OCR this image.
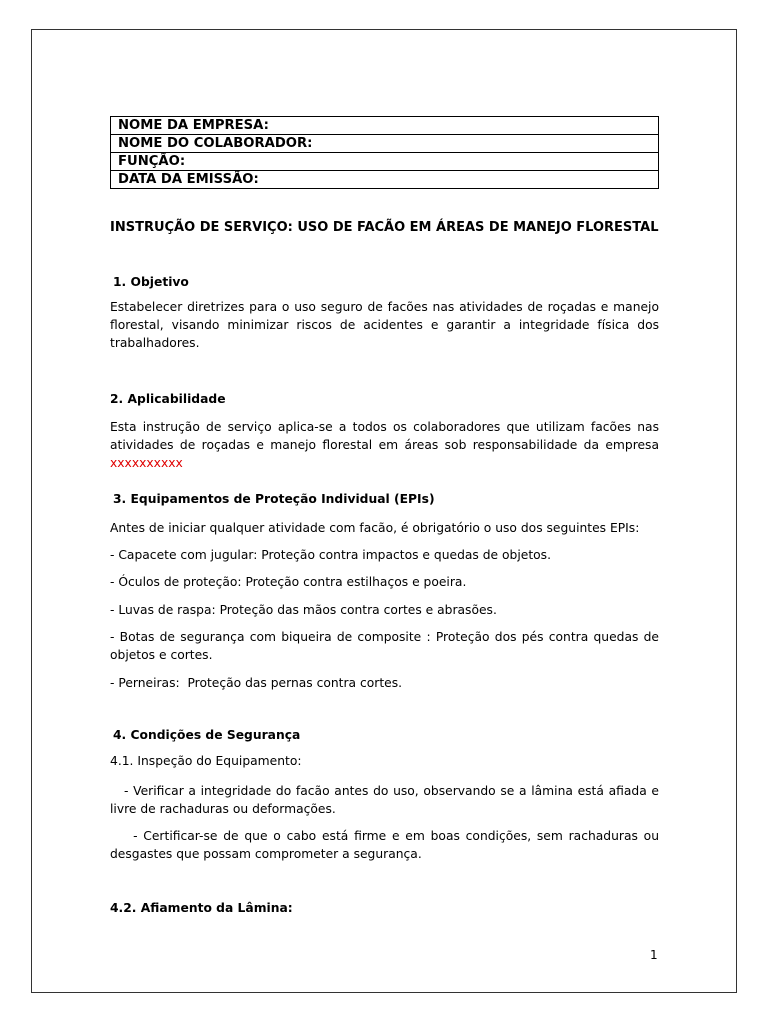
NOME DA EMPRESA:
NOME DO COLABORADOR:
FUNÇÃO:
DATA DA EMISSÃO:
INSTRUÇÃO DE SERVIÇO: USO DE FACÃO EM ÁREAS DE MANEJO FLORESTAL
1. Objetivo
Estabelecer diretrizes para o uso seguro de facões nas atividades de roçadas e manejo florestal, visando minimizar riscos de acidentes e garantir a integridade física dos trabalhadores.
2. Aplicabilidade
Esta instrução de serviço aplica-se a todos os colaboradores que utilizam facões nas atividades de roçadas e manejo florestal em áreas sob responsabilidade da empresa xxxxxxxxxx
3. Equipamentos de Proteção Individual (EPIs)
Antes de iniciar qualquer atividade com facão, é obrigatório o uso dos seguintes EPIs:
- Capacete com jugular: Proteção contra impactos e quedas de objetos.
- Óculos de proteção: Proteção contra estilhaços e poeira.
- Luvas de raspa: Proteção das mãos contra cortes e abrasões.
- Botas de segurança com biqueira de composite : Proteção dos pés contra quedas de objetos e cortes.
- Perneiras:  Proteção das pernas contra cortes.
4. Condições de Segurança
4.1. Inspeção do Equipamento:
- Verificar a integridade do facão antes do uso, observando se a lâmina está afiada e livre de rachaduras ou deformações.
- Certificar-se de que o cabo está firme e em boas condições, sem rachaduras ou desgastes que possam comprometer a segurança.
4.2. Afiamento da Lâmina:
1
